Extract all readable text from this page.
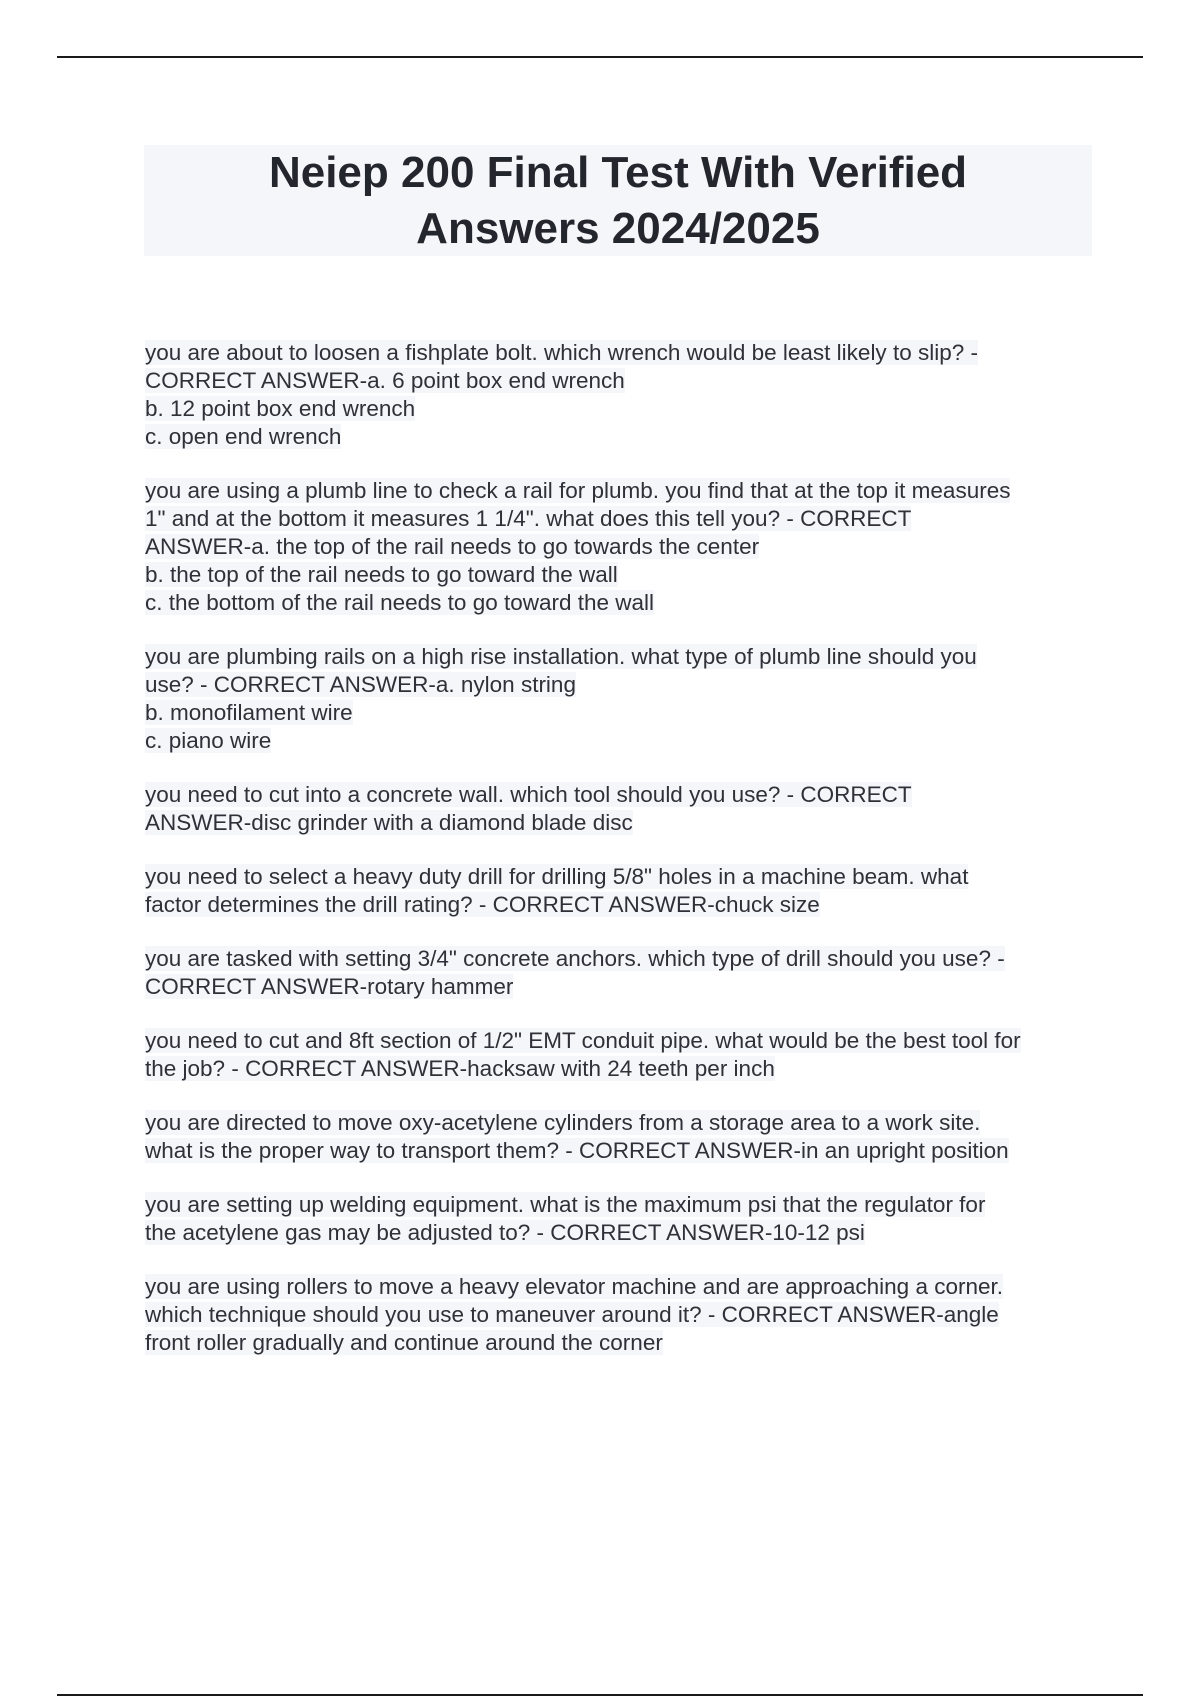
Neiep 200 Final Test With Verified
Answers 2024/2025

you are about to loosen a fishplate bolt. which wrench would be least likely to slip? -

CORRECT ANSWER-a. 6 point box end wrench

b. 12 point box end wrench

c. open end wrench

you are using a plumb line to check a rail for plumb. you find that at the top it measures

1" and at the bottom it measures 1 1/4". what does this tell you? - CORRECT

ANSWER-a. the top of the rail needs to go towards the center

b. the top of the rail needs to go toward the wall

c. the bottom of the rail needs to go toward the wall

you are plumbing rails on a high rise installation. what type of plumb line should you

use? - CORRECT ANSWER-a. nylon string

b. monofilament wire

c. piano wire

you need to cut into a concrete wall. which tool should you use? - CORRECT

ANSWER-disc grinder with a diamond blade disc

you need to select a heavy duty drill for drilling 5/8" holes in a machine beam. what

factor determines the drill rating? - CORRECT ANSWER-chuck size

you are tasked with setting 3/4" concrete anchors. which type of drill should you use? -

CORRECT ANSWER-rotary hammer

you need to cut and 8ft section of 1/2" EMT conduit pipe. what would be the best tool for

the job? - CORRECT ANSWER-hacksaw with 24 teeth per inch

you are directed to move oxy-acetylene cylinders from a storage area to a work site.

what is the proper way to transport them? - CORRECT ANSWER-in an upright position

you are setting up welding equipment. what is the maximum psi that the regulator for

the acetylene gas may be adjusted to? - CORRECT ANSWER-10-12 psi

you are using rollers to move a heavy elevator machine and are approaching a corner.

which technique should you use to maneuver around it? - CORRECT ANSWER-angle

front roller gradually and continue around the corner
